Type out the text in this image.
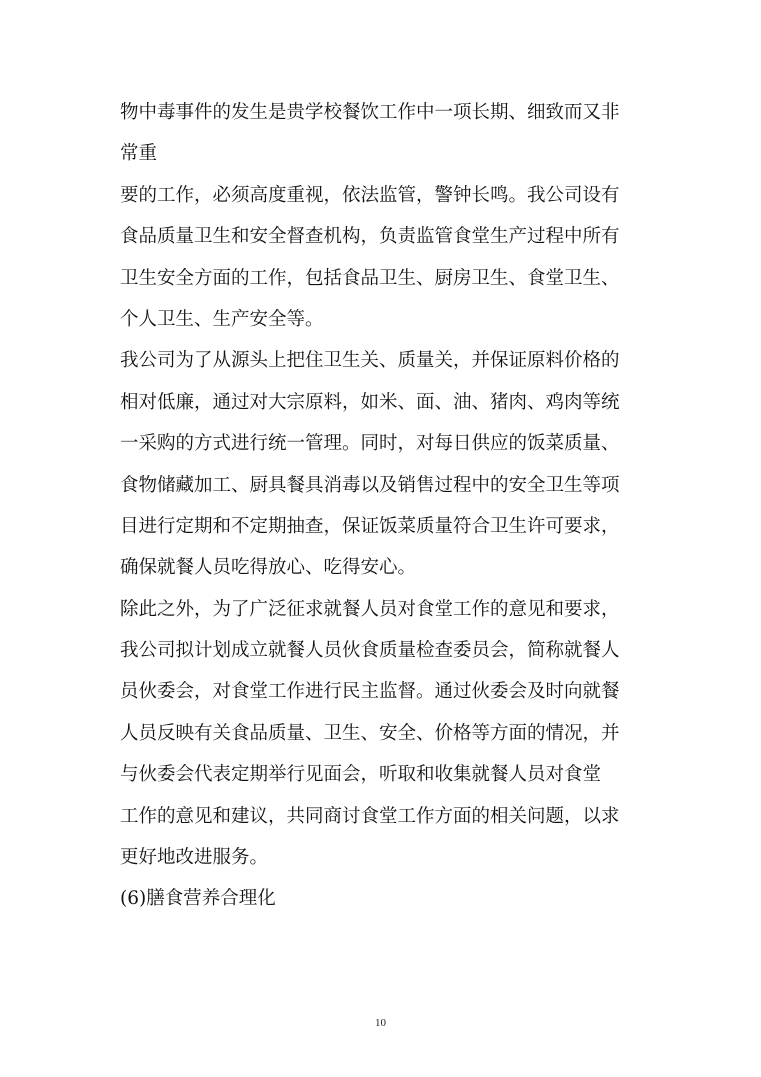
物中毒事件的发生是贵学校餐饮工作中一项长期、细致而又非
常重
要的工作，必须高度重视，依法监管，警钟长鸣。我公司设有
食品质量卫生和安全督查机构，负责监管食堂生产过程中所有
卫生安全方面的工作，包括食品卫生、厨房卫生、食堂卫生、
个人卫生、生产安全等。
我公司为了从源头上把住卫生关、质量关，并保证原料价格的
相对低廉，通过对大宗原料，如米、面、油、猪肉、鸡肉等统
一采购的方式进行统一管理。同时，对每日供应的饭菜质量、
食物储藏加工、厨具餐具消毒以及销售过程中的安全卫生等项
目进行定期和不定期抽查，保证饭菜质量符合卫生许可要求，
确保就餐人员吃得放心、吃得安心。
除此之外，为了广泛征求就餐人员对食堂工作的意见和要求，
我公司拟计划成立就餐人员伙食质量检查委员会，简称就餐人
员伙委会，对食堂工作进行民主监督。通过伙委会及时向就餐
人员反映有关食品质量、卫生、安全、价格等方面的情况，并
与伙委会代表定期举行见面会，听取和收集就餐人员对食堂
工作的意见和建议，共同商讨食堂工作方面的相关问题，以求
更好地改进服务。
(6)膳食营养合理化
10
